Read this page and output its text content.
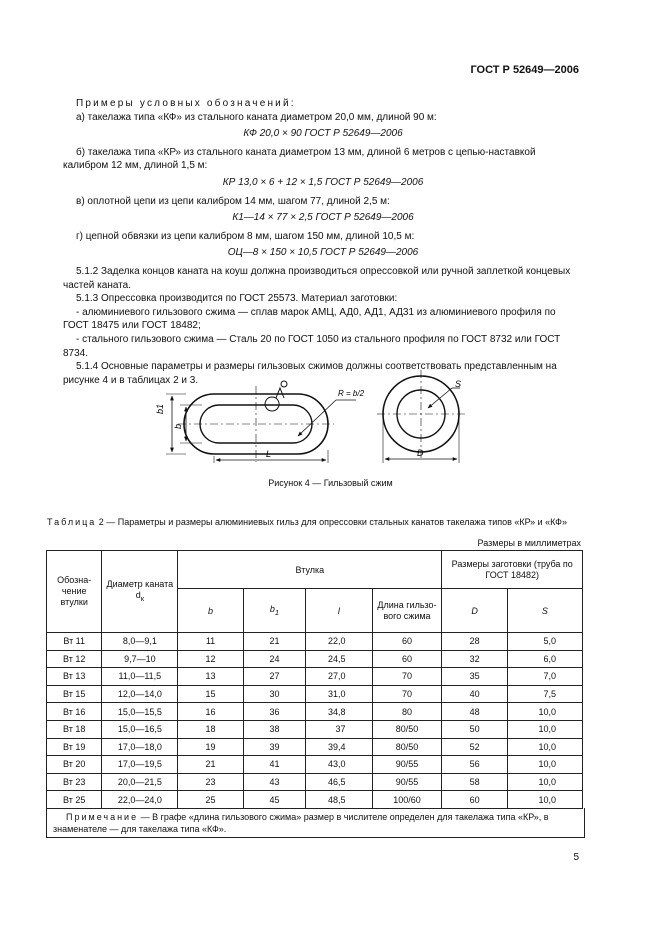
ГОСТ Р 52649—2006

Примеры условных обозначений:

а) такелажа типа «КФ» из стального каната диаметром 20,0 мм, длиной 90 м:

КФ 20,0 × 90 ГОСТ Р 52649—2006

б) такелажа типа «КР» из стального каната диаметром 13 мм, длиной 6 метров с цепью-наставкой калибром 12 мм, длиной 1,5 м:

КР 13,0 × 6 + 12 × 1,5 ГОСТ Р 52649—2006

в) оплотной цепи из цепи калибром 14 мм, шагом 77, длиной 2,5 м:

К1—14 × 77 × 2,5 ГОСТ Р 52649—2006

г) цепной обвязки из цепи калибром 8 мм, шагом 150 мм, длиной 10,5 м:

ОЦ—8 × 150 × 10,5 ГОСТ Р 52649—2006

5.1.2 Заделка концов каната на коуш должна производиться опрессовкой или ручной заплеткой концевых частей каната.

5.1.3 Опрессовка производится по ГОСТ 25573. Материал заготовки:

- алюминиевого гильзового сжима — сплав марок АМЦ, АД0, АД1, АД31 из алюминиевого профиля по ГОСТ 18475 или ГОСТ 18482;

- стального гильзового сжима — Сталь 20 по ГОСТ 1050 из стального профиля по ГОСТ 8732 или ГОСТ 8734.

5.1.4 Основные параметры и размеры гильзовых сжимов должны соответствовать представленным на рисунке 4 и в таблицах 2 и 3.

b1
b
L
R = b/2
S
D
Рисунок 4 — Гильзовый сжим
Таблица 2 — Параметры и размеры алюминиевых гильз для опрессовки стальных канатов такелажа типов «КР» и «КФ»
Размеры в миллиметрах
Обозна-чение втулки	Диаметр каната $d_к$	Втулка				Размеры заготовки (труба по ГОСТ 18482)	
		b	$b_1$	l	Длина гильзо-вого сжима	D	S
Вт 11	8,0—9,1	11	21	22,0	60	28	5,0
Вт 12	9,7—10	12	24	24,5	60	32	6,0
Вт 13	11,0—11,5	13	27	27,0	70	35	7,0
Вт 15	12,0—14,0	15	30	31,0	70	40	7,5
Вт 16	15,0—15,5	16	36	34,8	80	48	10,0
Вт 18	15,0—16,5	18	38	37	80/50	50	10,0
Вт 19	17,0—18,0	19	39	39,4	80/50	52	10,0
Вт 20	17,0—19,5	21	41	43,0	90/55	56	10,0
Вт 23	20,0—21,5	23	43	46,5	90/55	58	10,0
Вт 25	22,0—24,0	25	45	48,5	100/60	60	10,0
Примечание — В графе «длина гильзового сжима» размер в числителе определен для такелажа типа «КР», в знаменателе — для такелажа типа «КФ».
5
